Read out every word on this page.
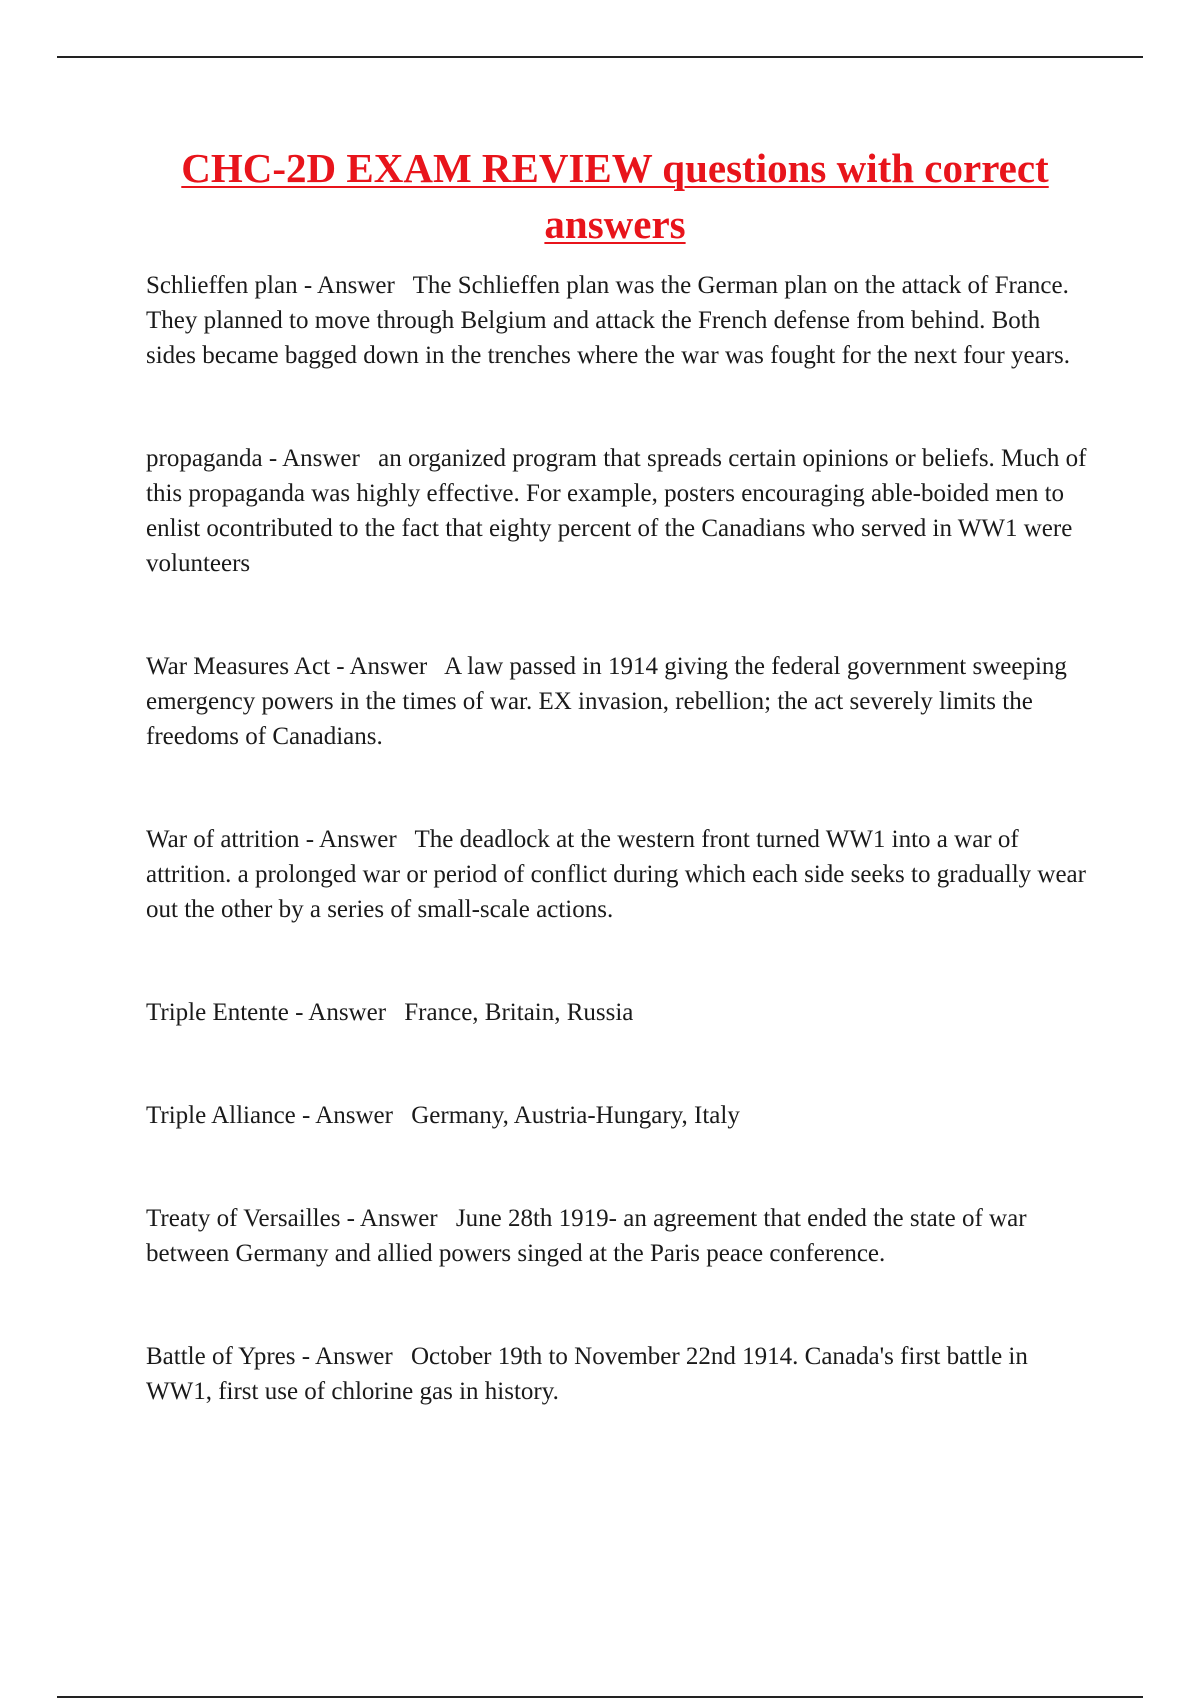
CHC-2D EXAM REVIEW questions with correct answers

Schlieffen plan - Answer The Schlieffen plan was the German plan on the attack of France. They planned to move through Belgium and attack the French defense from behind. Both sides became bagged down in the trenches where the war was fought for the next four years.

propaganda - Answer an organized program that spreads certain opinions or beliefs. Much of this propaganda was highly effective. For example, posters encouraging able-boided men to enlist ocontributed to the fact that eighty percent of the Canadians who served in WW1 were volunteers

War Measures Act - Answer A law passed in 1914 giving the federal government sweeping emergency powers in the times of war. EX invasion, rebellion; the act severely limits the freedoms of Canadians.

War of attrition - Answer The deadlock at the western front turned WW1 into a war of attrition. a prolonged war or period of conflict during which each side seeks to gradually wear out the other by a series of small-scale actions.

Triple Entente - Answer France, Britain, Russia

Triple Alliance - Answer Germany, Austria-Hungary, Italy

Treaty of Versailles - Answer June 28th 1919- an agreement that ended the state of war between Germany and allied powers singed at the Paris peace conference.

Battle of Ypres - Answer October 19th to November 22nd 1914. Canada's first battle in WW1, first use of chlorine gas in history.
